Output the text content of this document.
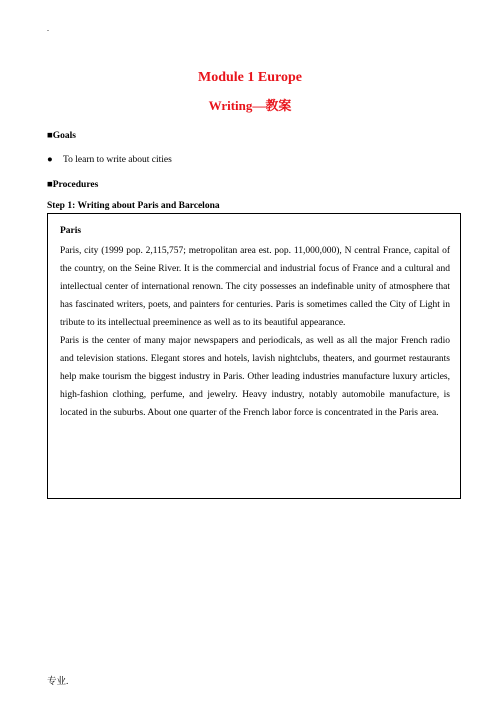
.
Module 1 Europe
Writing—教案
■Goals
● To learn to write about cities
■Procedures
Step 1: Writing about Paris and Barcelona

Paris

Paris, city (1999 pop. 2,115,757; metropolitan area est. pop. 11,000,000), N central France, capital of the country, on the Seine River. It is the commercial and industrial focus of France and a cultural and intellectual center of international renown. The city possesses an indefinable unity of atmosphere that has fascinated writers, poets, and painters for centuries. Paris is sometimes called the City of Light in tribute to its intellectual preeminence as well as to its beautiful appearance.

Paris is the center of many major newspapers and periodicals, as well as all the major French radio and television stations. Elegant stores and hotels, lavish nightclubs, theaters, and gourmet restaurants help make tourism the biggest industry in Paris. Other leading industries manufacture luxury articles, high-fashion clothing, perfume, and jewelry. Heavy industry, notably automobile manufacture, is located in the suburbs. About one quarter of the French labor force is concentrated in the Paris area.

专业.
